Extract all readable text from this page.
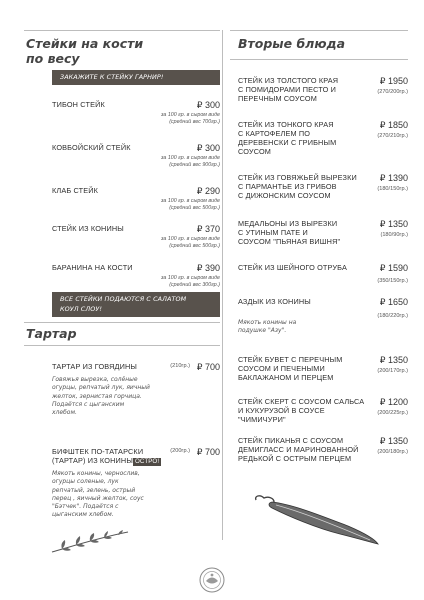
Стейки на кости
по весу
ЗАКАЖИТЕ К СТЕЙКУ ГАРНИР!
ТИБОН СТЕЙК	₽ 300
за 100 гр. в сыром виде
(средний вес 700гр.)
КОВБОЙСКИЙ СТЕЙК	₽ 300
за 100 гр. в сыром виде
(средний вес 900гр.)
КЛАБ СТЕЙК	₽ 290
за 100 гр. в сыром виде
(средний вес 500гр.)
СТЕЙК ИЗ КОНИНЫ	₽ 370
за 100 гр. в сыром виде
(средний вес 500гр.)
БАРАНИНА НА КОСТИ	₽ 390
за 100 гр. в сыром виде
(средний вес 300гр.)
ВСЕ СТЕЙКИ ПОДАЮТСЯ С САЛАТОМ
КОУЛ СЛОУ!
Тартар
ТАРТАР ИЗ ГОВЯДИНЫ	(210гр.) ₽ 700
Говяжья вырезка, солёные
огурцы, репчатый лук, яичный
желток, зернистая горчица.
Подаётся с цыганским
хлебом.
БИФШТЕК ПО-ТАТАРСКИ
(ТАРТАР) ИЗ КОНИНЫ ОСТРО!
(200гр.) ₽ 700
Мякоть конины, чернослив,
огурцы соленые, лук
репчатый, зелень, острый
перец , яичный желток, соус
"Бэтчек". Подаётся с
цыганским хлебом.
Вторые блюда
СТЕЙК ИЗ ТОЛСТОГО КРАЯ
С ПОМИДОРАМИ ПЕСТО И
ПЕРЕЧНЫМ СОУСОМ
₽ 1950
(270/200гр.)
СТЕЙК ИЗ ТОНКОГО КРАЯ
С КАРТОФЕЛЕМ ПО
ДЕРЕВЕНСКИ С ГРИБНЫМ
СОУСОМ
₽ 1850
(270/210гр.)
СТЕЙК ИЗ ГОВЯЖЬЕЙ ВЫРЕЗКИ
С ПАРМАНТЬЕ ИЗ ГРИБОВ
С ДИЖОНСКИМ СОУСОМ
₽ 1390
(180/150гр.)
МЕДАЛЬОНЫ ИЗ ВЫРЕЗКИ
С УТИНЫМ ПАТЕ И
СОУСОМ "ПЬЯНАЯ ВИШНЯ"
₽ 1350
(180/90гр.)
СТЕЙК ИЗ ШЕЙНОГО ОТРУБА	₽ 1590
(350/150гр.)
АЗДЫК ИЗ КОНИНЫ	₽ 1650
(180/220гр.)
Мякоть конины на
подушке "Азу".
СТЕЙК БУВЕТ С ПЕРЕЧНЫМ
СОУСОМ И ПЕЧЕНЫМИ
БАКЛАЖАНОМ И ПЕРЦЕМ
₽ 1350
(200/170гр.)
СТЕЙК СКЕРТ С СОУСОМ САЛЬСА
И КУКУРУЗОЙ В СОУСЕ
"ЧИМИЧУРИ"
₽ 1200
(200/225гр.)
СТЕЙК ПИКАНЬЯ С СОУСОМ
ДЕМИГЛАСС И МАРИНОВАННОЙ
РЕДЬКОЙ С ОСТРЫМ ПЕРЦЕМ
₽ 1350
(200/180гр.)
